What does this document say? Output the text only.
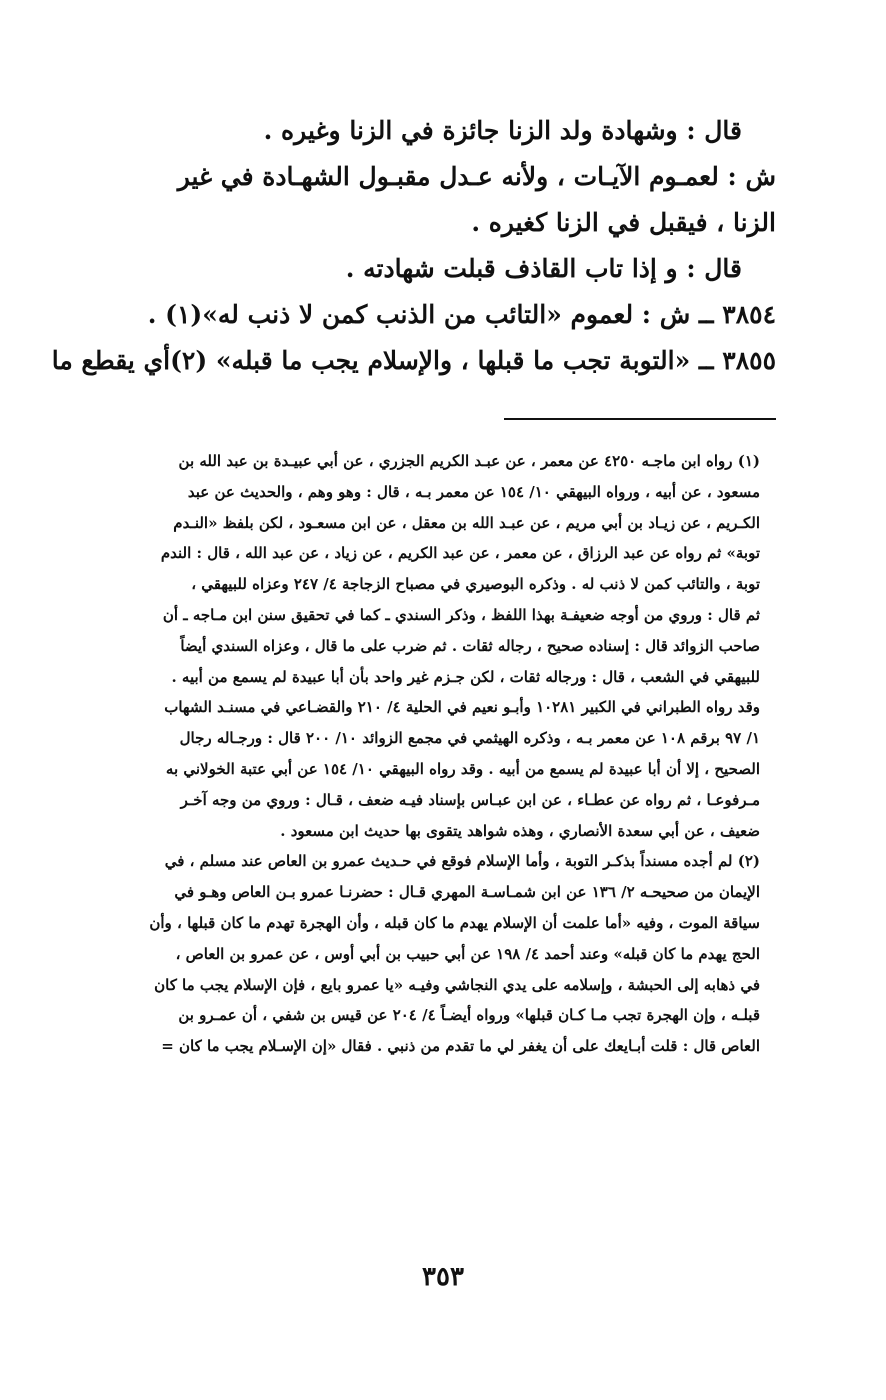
قال : وشهادة ولد الزنا جائزة في الزنا وغيره .
ش : لعمـوم الآيـات ، ولأنه عـدل مقبـول الشهـادة في غير
الزنا ، فيقبل في الزنا كغيره .
قال : و إذا تاب القاذف قبلت شهادته .
٣٨٥٤ ــ ش : لعموم «التائب من الذنب كمن لا ذنب له»(١) .
٣٨٥٥ ــ «التوبة تجب ما قبلها ، والإسلام يجب ما قبله» (٢)أي يقطع ما
(١) رواه ابن ماجـه ٤٢٥٠ عن معمر ، عن عبـد الكريم الجزري ، عن أبي عبيـدة بن عبد الله بن
مسعود ، عن أبيه ، ورواه البيهقي ١٠/ ١٥٤ عن معمر بـه ، قال : وهو وهم ، والحديث عن عبد
الكـريم ، عن زيـاد بن أبي مريم ، عن عبـد الله بن معقل ، عن ابن مسعـود ، لكن بلفظ «النـدم
توبة» ثم رواه عن عبد الرزاق ، عن معمر ، عن عبد الكريم ، عن زياد ، عن عبد الله ، قال : الندم
توبة ، والتائب كمن لا ذنب له . وذكره البوصيري في مصباح الزجاجة ٤/ ٢٤٧ وعزاه للبيهقي ،
ثم قال : وروي من أوجه ضعيفـة بهذا اللفظ ، وذكر السندي ـ كما في تحقيق سنن ابن مـاجه ـ أن
صاحب الزوائد قال : إسناده صحيح ، رجاله ثقات . ثم ضرب على ما قال ، وعزاه السندي أيضاً
للبيهقي في الشعب ، قال : ورجاله ثقات ، لكن جـزم غير واحد بأن أبا عبيدة لم يسمع من أبيه .
وقد رواه الطبراني في الكبير ١٠٢٨١ وأبـو نعيم في الحلية ٤/ ٢١٠ والقضـاعي في مسنـد الشهاب
١/ ٩٧ برقم ١٠٨ عن معمر بـه ، وذكره الهيثمي في مجمع الزوائد ١٠/ ٢٠٠ قال : ورجـاله رجال
الصحيح ، إلا أن أبا عبيدة لم يسمع من أبيه . وقد رواه البيهقي ١٠/ ١٥٤ عن أبي عتبة الخولاني به
مـرفوعـا ، ثم رواه عن عطـاء ، عن ابن عبـاس بإسناد فيـه ضعف ، قـال : وروي من وجه آخـر
ضعيف ، عن أبي سعدة الأنصاري ، وهذه شواهد يتقوى بها حديث ابن مسعود .
(٢) لم أجده مسنداً بذكـر التوبة ، وأما الإسلام فوقع في حـديث عمرو بن العاص عند مسلم ، في
الإيمان من صحيحـه ٢/ ١٣٦ عن ابن شمـاسـة المهري قـال : حضرنـا عمرو بـن العاص وهـو في
سياقة الموت ، وفيه «أما علمت أن الإسلام يهدم ما كان قبله ، وأن الهجرة تهدم ما كان قبلها ، وأن
الحج يهدم ما كان قبله» وعند أحمد ٤/ ١٩٨ عن أبي حبيب بن أبي أوس ، عن عمرو بن العاص ،
في ذهابه إلى الحبشة ، وإسلامه على يدي النجاشي وفيـه «يا عمرو بايع ، فإن الإسلام يجب ما كان
قبلـه ، وإن الهجرة تجب مـا كـان قبلها» ورواه أيضـاً ٤/ ٢٠٤ عن قيس بن شفي ، أن عمـرو بن
العاص قال : قلت أبـايعك على أن يغفر لي ما تقدم من ذنبي . فقال «إن الإسـلام يجب ما كان =
٣٥٣
